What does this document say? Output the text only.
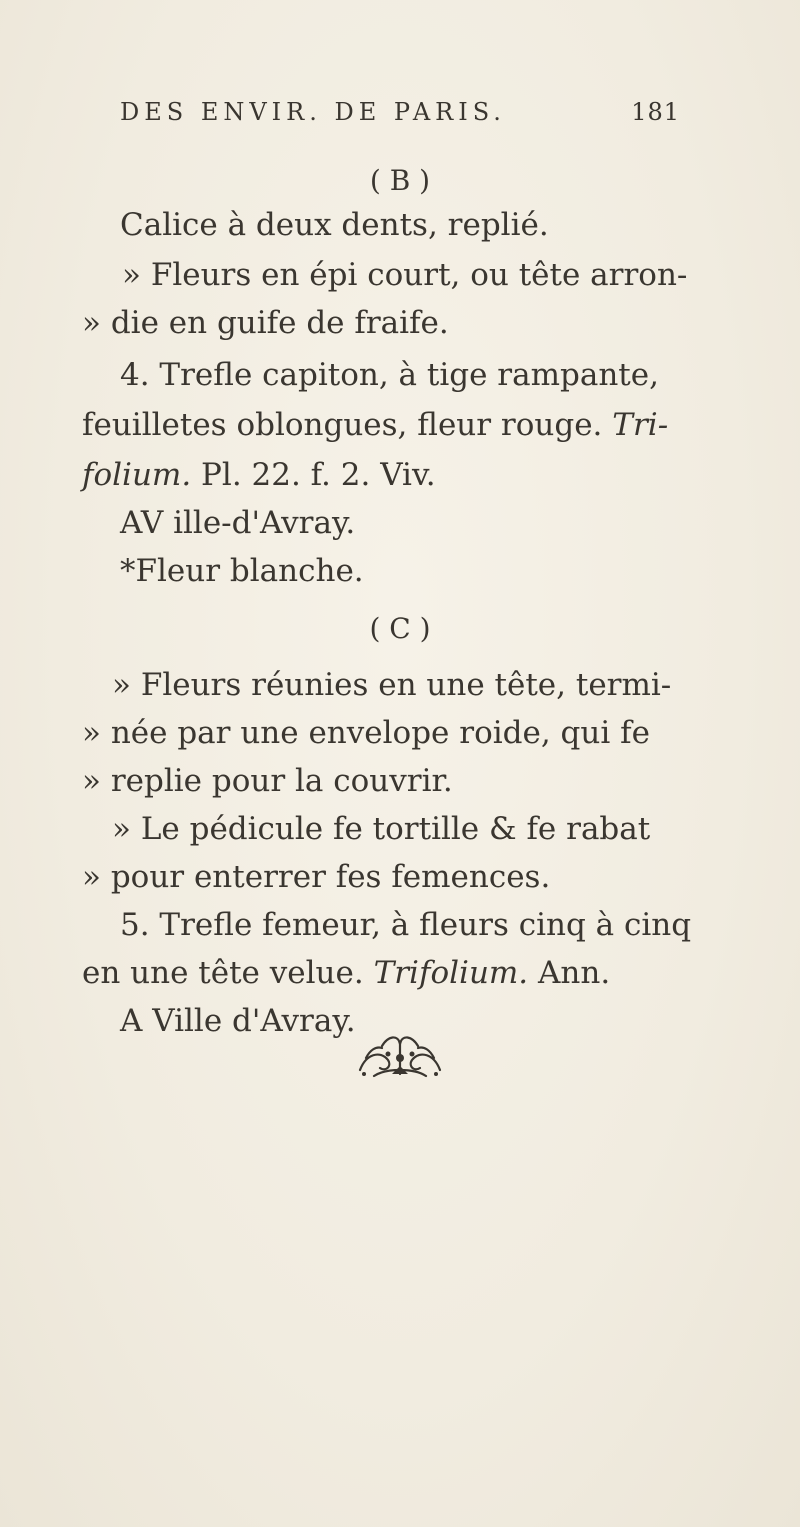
DES ENVIR. DE PARIS.	181
( B )
Calice à deux dents, replié.
» Fleurs en épi court, ou tête arron-
» die en guife de fraife.
4. Trefle capiton, à tige rampante,
feuilletes oblongues, fleur rouge. Tri-
folium. Pl. 22. f. 2. Viv.
AV ille-d'Avray.
*Fleur blanche.
( C )
» Fleurs réunies en une tête, termi-
» née par une envelope roide, qui fe
» replie pour la couvrir.
» Le pédicule fe tortille & fe rabat
» pour enterrer fes femences.
5. Trefle femeur, à fleurs cinq à cinq
en une tête velue. Trifolium. Ann.
A Ville d'Avray.
